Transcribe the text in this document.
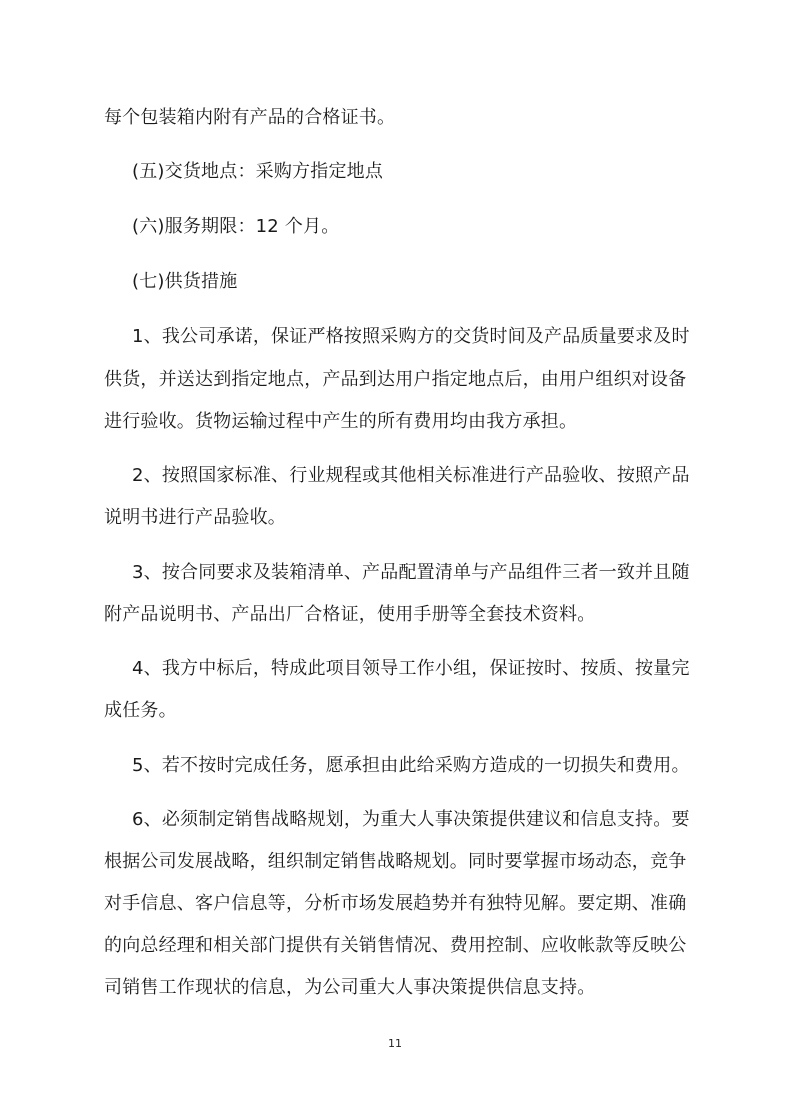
每个包装箱内附有产品的合格证书。
(五)交货地点：采购方指定地点
(六)服务期限：12 个月。
(七)供货措施
1、我公司承诺，保证严格按照采购方的交货时间及产品质量要求及时
供货，并送达到指定地点，产品到达用户指定地点后，由用户组织对设备
进行验收。货物运输过程中产生的所有费用均由我方承担。
2、按照国家标准、行业规程或其他相关标准进行产品验收、按照产品
说明书进行产品验收。
3、按合同要求及装箱清单、产品配置清单与产品组件三者一致并且随
附产品说明书、产品出厂合格证，使用手册等全套技术资料。
4、我方中标后，特成此项目领导工作小组，保证按时、按质、按量完
成任务。
5、若不按时完成任务，愿承担由此给采购方造成的一切损失和费用。
6、必须制定销售战略规划，为重大人事决策提供建议和信息支持。要
根据公司发展战略，组织制定销售战略规划。同时要掌握市场动态，竞争
对手信息、客户信息等，分析市场发展趋势并有独特见解。要定期、准确
的向总经理和相关部门提供有关销售情况、费用控制、应收帐款等反映公
司销售工作现状的信息，为公司重大人事决策提供信息支持。
11
